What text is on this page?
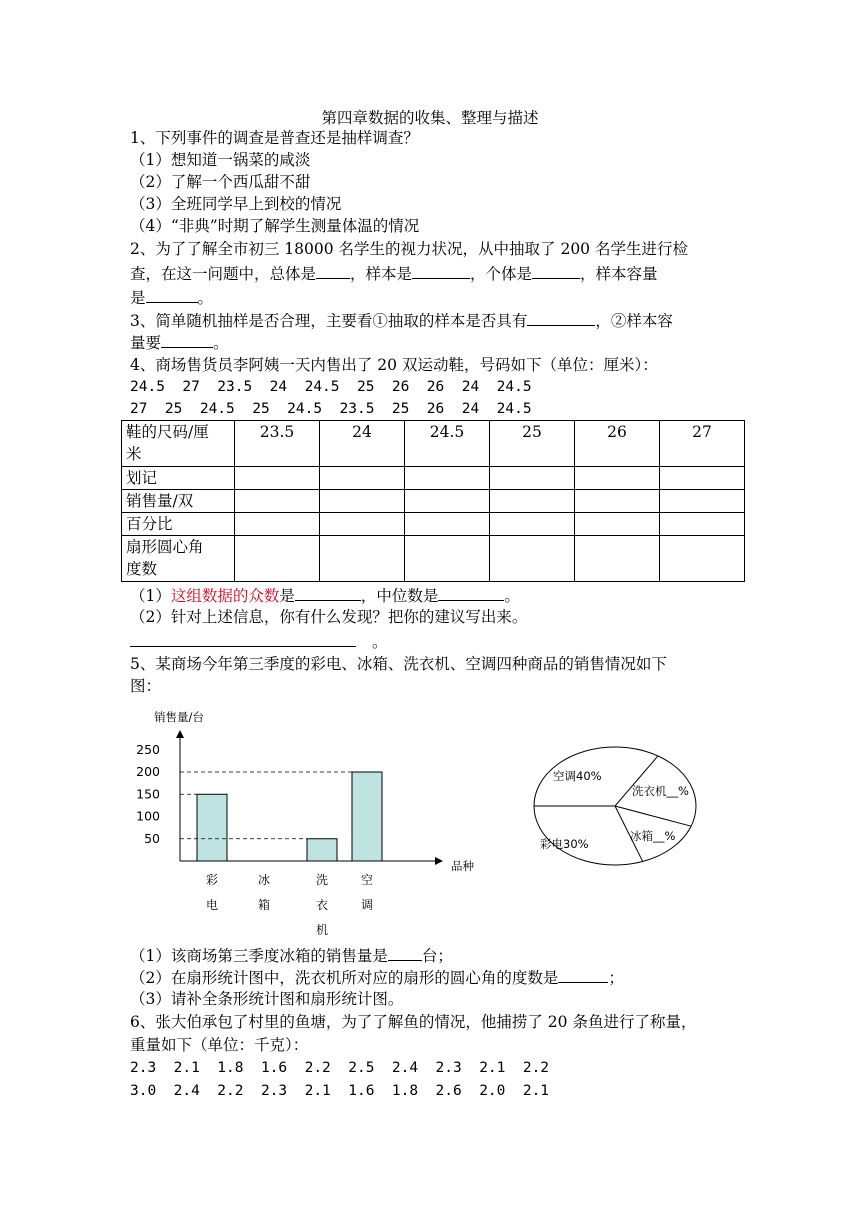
第四章数据的收集、整理与描述
1、下列事件的调查是普查还是抽样调查？
（1）想知道一锅菜的咸淡
（2）了解一个西瓜甜不甜
（3）全班同学早上到校的情况
（4）“非典”时期了解学生测量体温的情况
2、为了了解全市初三 18000 名学生的视力状况，从中抽取了 200 名学生进行检
查，在这一问题中，总体是 ，样本是	，个体是	，样本容量
是	。
3、简单随机抽样是否合理，主要看①抽取的样本是否具有	，②样本容
量要	。
4、商场售货员李阿姨一天内售出了 20 双运动鞋，号码如下（单位：厘米）：
24.5  27  23.5  24  24.5  25  26  26  24  24.5
27  25  24.5  25  24.5  23.5  25  26  24  24.5
鞋的尺码/厘
米	23.5	24	24.5	25	26	27
划记						
销售量/双						
百分比						
扇形圆心角
度数						
（1）这组数据的众数是	，中位数是	。
（2）针对上述信息，你有什么发现？把你的建议写出来。
。
5、某商场今年第三季度的彩电、冰箱、洗衣机、空调四种商品的销售情况如下
图：
销售量/台
品种
50
100
150
200
250
彩
电
冰
箱
洗
衣
机
空
调
空调40%
洗衣机__%
冰箱__%
彩电30%
（1）该商场第三季度冰箱的销售量是 台；
（2）在扇形统计图中，洗衣机所对应的扇形的圆心角的度数是	；
（3）请补全条形统计图和扇形统计图。
6、张大伯承包了村里的鱼塘，为了了解鱼的情况，他捕捞了 20 条鱼进行了称量，
重量如下（单位：千克）：
2.3  2.1  1.8  1.6  2.2  2.5  2.4  2.3  2.1  2.2
3.0  2.4  2.2  2.3  2.1  1.6  1.8  2.6  2.0  2.1
